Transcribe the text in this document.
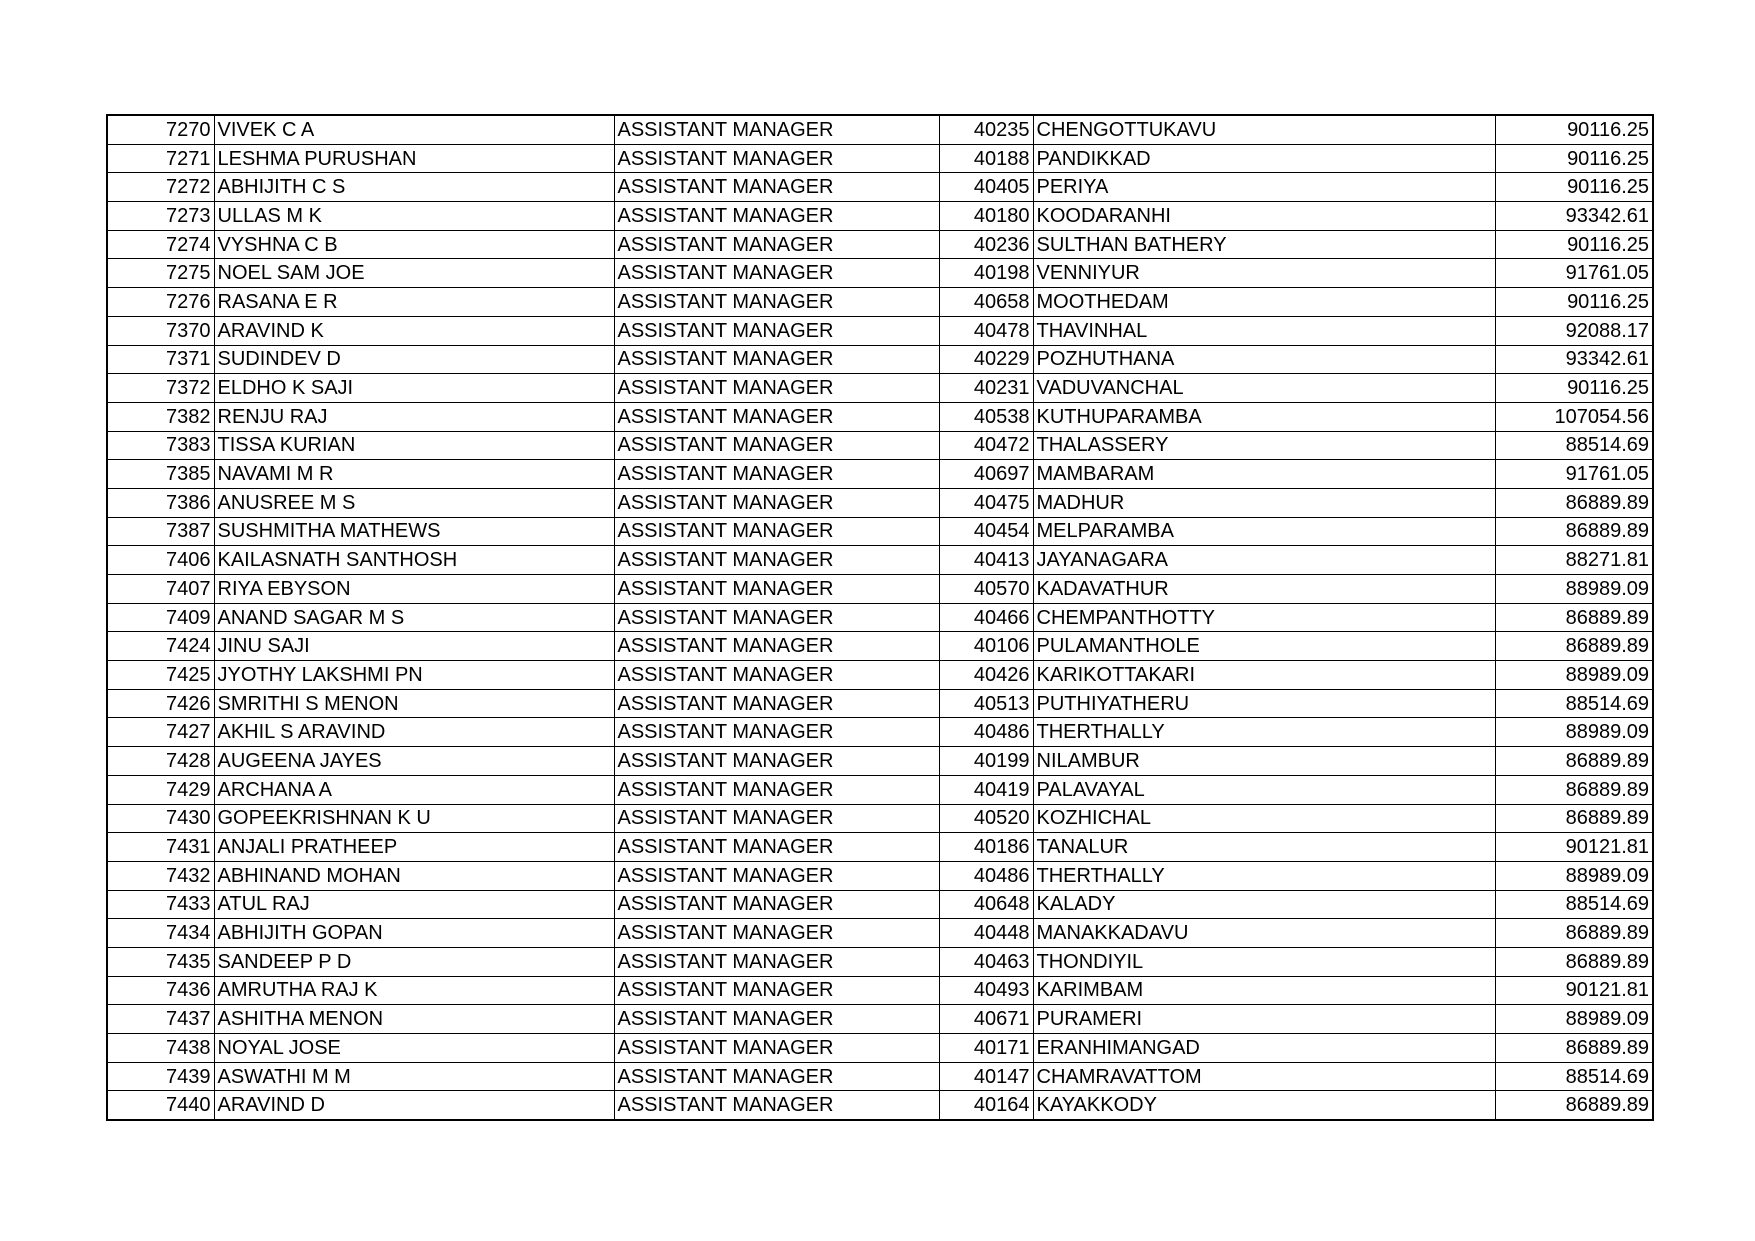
7270	VIVEK C A	ASSISTANT MANAGER	40235	CHENGOTTUKAVU	90116.25
7271	LESHMA PURUSHAN	ASSISTANT MANAGER	40188	PANDIKKAD	90116.25
7272	ABHIJITH C S	ASSISTANT MANAGER	40405	PERIYA	90116.25
7273	ULLAS M K	ASSISTANT MANAGER	40180	KOODARANHI	93342.61
7274	VYSHNA C B	ASSISTANT MANAGER	40236	SULTHAN BATHERY	90116.25
7275	NOEL SAM JOE	ASSISTANT MANAGER	40198	VENNIYUR	91761.05
7276	RASANA E R	ASSISTANT MANAGER	40658	MOOTHEDAM	90116.25
7370	ARAVIND K	ASSISTANT MANAGER	40478	THAVINHAL	92088.17
7371	SUDINDEV D	ASSISTANT MANAGER	40229	POZHUTHANA	93342.61
7372	ELDHO K SAJI	ASSISTANT MANAGER	40231	VADUVANCHAL	90116.25
7382	RENJU RAJ	ASSISTANT MANAGER	40538	KUTHUPARAMBA	107054.56
7383	TISSA KURIAN	ASSISTANT MANAGER	40472	THALASSERY	88514.69
7385	NAVAMI M R	ASSISTANT MANAGER	40697	MAMBARAM	91761.05
7386	ANUSREE M S	ASSISTANT MANAGER	40475	MADHUR	86889.89
7387	SUSHMITHA MATHEWS	ASSISTANT MANAGER	40454	MELPARAMBA	86889.89
7406	KAILASNATH SANTHOSH	ASSISTANT MANAGER	40413	JAYANAGARA	88271.81
7407	RIYA EBYSON	ASSISTANT MANAGER	40570	KADAVATHUR	88989.09
7409	ANAND SAGAR M S	ASSISTANT MANAGER	40466	CHEMPANTHOTTY	86889.89
7424	JINU SAJI	ASSISTANT MANAGER	40106	PULAMANTHOLE	86889.89
7425	JYOTHY LAKSHMI PN	ASSISTANT MANAGER	40426	KARIKOTTAKARI	88989.09
7426	SMRITHI S MENON	ASSISTANT MANAGER	40513	PUTHIYATHERU	88514.69
7427	AKHIL S ARAVIND	ASSISTANT MANAGER	40486	THERTHALLY	88989.09
7428	AUGEENA JAYES	ASSISTANT MANAGER	40199	NILAMBUR	86889.89
7429	ARCHANA A	ASSISTANT MANAGER	40419	PALAVAYAL	86889.89
7430	GOPEEKRISHNAN K U	ASSISTANT MANAGER	40520	KOZHICHAL	86889.89
7431	ANJALI PRATHEEP	ASSISTANT MANAGER	40186	TANALUR	90121.81
7432	ABHINAND MOHAN	ASSISTANT MANAGER	40486	THERTHALLY	88989.09
7433	ATUL RAJ	ASSISTANT MANAGER	40648	KALADY	88514.69
7434	ABHIJITH GOPAN	ASSISTANT MANAGER	40448	MANAKKADAVU	86889.89
7435	SANDEEP P D	ASSISTANT MANAGER	40463	THONDIYIL	86889.89
7436	AMRUTHA RAJ K	ASSISTANT MANAGER	40493	KARIMBAM	90121.81
7437	ASHITHA MENON	ASSISTANT MANAGER	40671	PURAMERI	88989.09
7438	NOYAL JOSE	ASSISTANT MANAGER	40171	ERANHIMANGAD	86889.89
7439	ASWATHI M M	ASSISTANT MANAGER	40147	CHAMRAVATTOM	88514.69
7440	ARAVIND D	ASSISTANT MANAGER	40164	KAYAKKODY	86889.89
